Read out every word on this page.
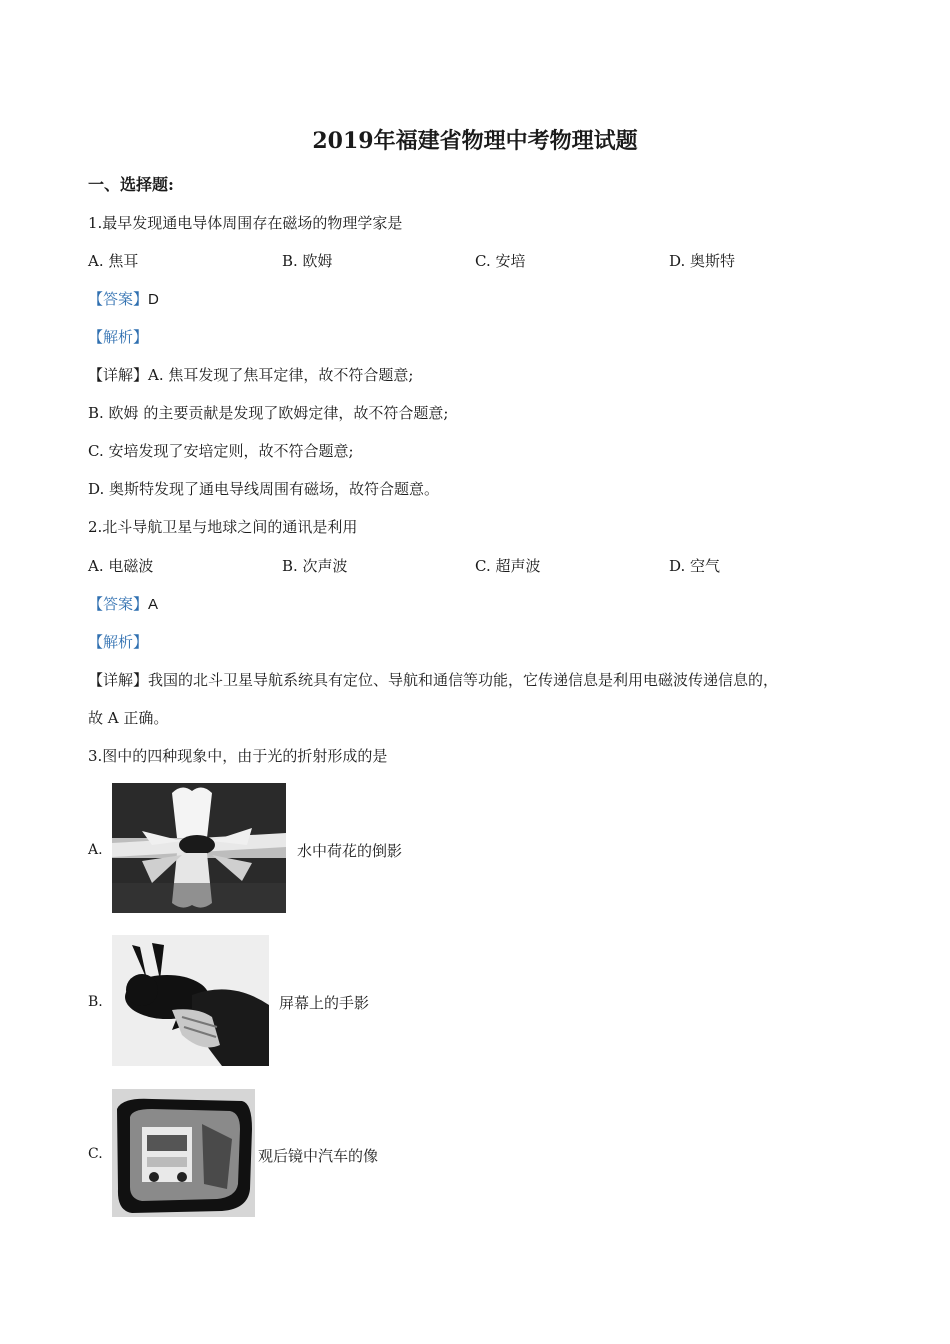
2019年福建省物理中考物理试题
一、选择题:
1.最早发现通电导体周围存在磁场的物理学家是
A. 焦耳	B. 欧姆	C. 安培	D. 奥斯特
【答案】D
【解析】
【详解】A. 焦耳发现了焦耳定律，故不符合题意;
B. 欧姆 的主要贡献是发现了欧姆定律，故不符合题意;
C. 安培发现了安培定则，故不符合题意;
D. 奥斯特发现了通电导线周围有磁场，故符合题意。
2.北斗导航卫星与地球之间的通讯是利用
A. 电磁波	B. 次声波	C. 超声波	D. 空气
【答案】A
【解析】
【详解】我国的北斗卫星导航系统具有定位、导航和通信等功能，它传递信息是利用电磁波传递信息的，
故 A 正确。
3.图中的四种现象中，由于光的折射形成的是
A.	水中荷花的倒影
B.	屏幕上的手影
C.	观后镜中汽车的像
